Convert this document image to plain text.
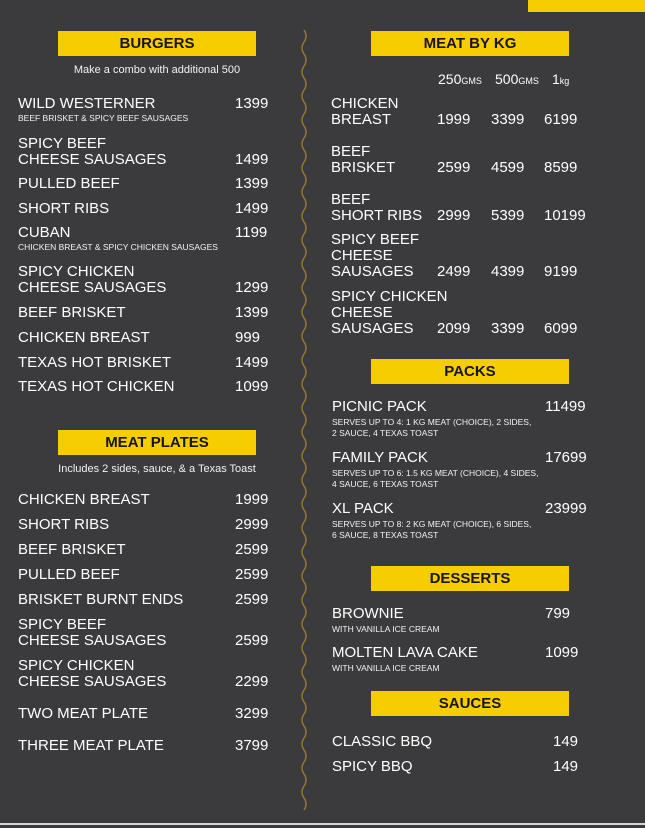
BURGERS
Make a combo with additional 500
WILD WESTERNER	1399
BEEF BRISKET & SPICY BEEF SAUSAGES
SPICY BEEF
CHEESE SAUSAGES	1499
PULLED BEEF	1399
SHORT RIBS	1499
CUBAN	1199
CHICKEN BREAST & SPICY CHICKEN SAUSAGES
SPICY CHICKEN
CHEESE SAUSAGES	1299
BEEF BRISKET	1399
CHICKEN BREAST	999
TEXAS HOT BRISKET	1499
TEXAS HOT CHICKEN	1099
MEAT PLATES
Includes 2 sides, sauce, & a Texas Toast
CHICKEN BREAST	1999
SHORT RIBS	2999
BEEF BRISKET	2599
PULLED BEEF	2599
BRISKET BURNT ENDS	2599
SPICY BEEF
CHEESE SAUSAGES	2599
SPICY CHICKEN
CHEESE SAUSAGES	2299
TWO MEAT PLATE	3299
THREE MEAT PLATE	3799
MEAT BY KG
250GMS 500GMS 1kg
CHICKEN
BREAST	1999 3399 6199
BEEF
BRISKET	2599 4599 8599
BEEF
SHORT RIBS 2999 5399 10199
SPICY BEEF
CHEESE
SAUSAGES	2499 4399 9199
SPICY CHICKEN
CHEESE
SAUSAGES	2099 3399 6099
PACKS
PICNIC PACK	11499
SERVES UP TO 4: 1 KG MEAT (CHOICE), 2 SIDES,
2 SAUCE, 4 TEXAS TOAST
FAMILY PACK	17699
SERVES UP TO 6: 1.5 KG MEAT (CHOICE), 4 SIDES,
4 SAUCE, 6 TEXAS TOAST
XL PACK	23999
SERVES UP TO 8: 2 KG MEAT (CHOICE), 6 SIDES,
6 SAUCE, 8 TEXAS TOAST
DESSERTS
BROWNIE	799
WITH VANILLA ICE CREAM
MOLTEN LAVA CAKE	1099
WITH VANILLA ICE CREAM
SAUCES
CLASSIC BBQ	149
SPICY BBQ	149
